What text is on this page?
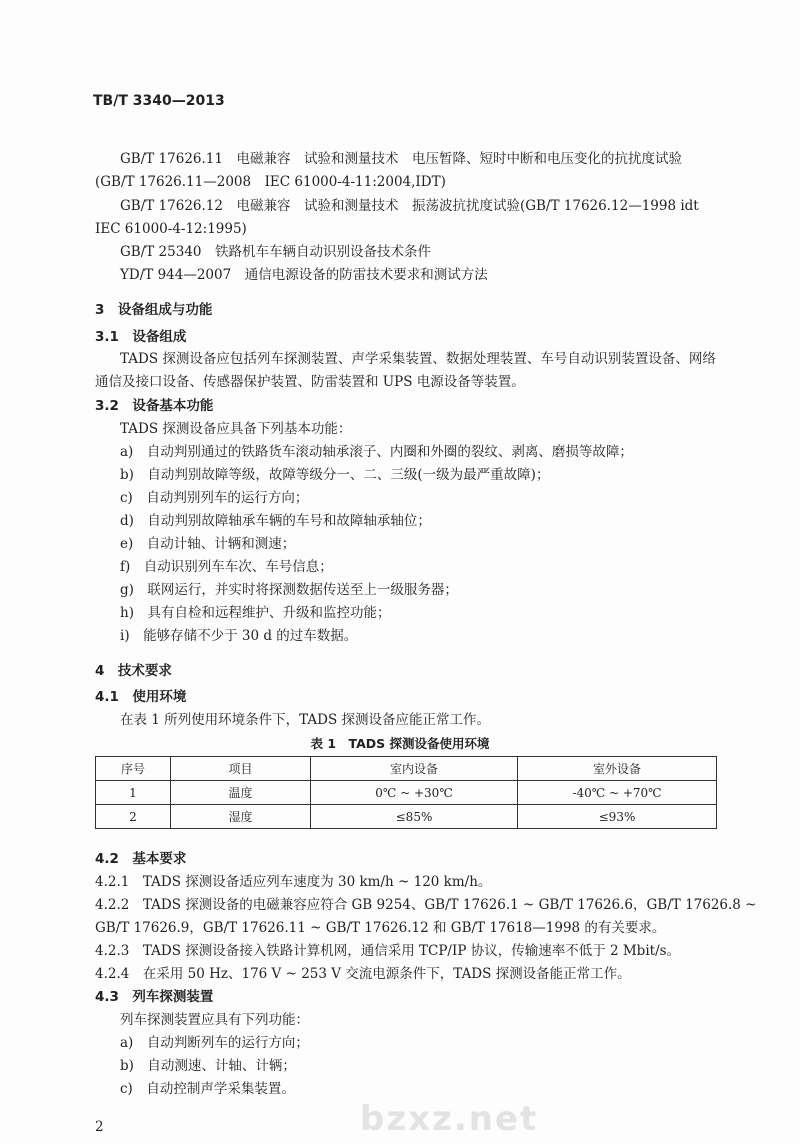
bzxz.net
TB/T 3340—2013
GB/T 17626.11　电磁兼容　试验和测量技术　电压暂降、短时中断和电压变化的抗扰度试验
(GB/T 17626.11—2008　IEC 61000-4-11:2004,IDT)
GB/T 17626.12　电磁兼容　试验和测量技术　振荡波抗扰度试验(GB/T 17626.12—1998 idt
IEC 61000-4-12:1995)
GB/T 25340　铁路机车车辆自动识别设备技术条件
YD/T 944—2007　通信电源设备的防雷技术要求和测试方法
3　设备组成与功能
3.1　设备组成
TADS 探测设备应包括列车探测装置、声学采集装置、数据处理装置、车号自动识别装置设备、网络
通信及接口设备、传感器保护装置、防雷装置和 UPS 电源设备等装置。
3.2　设备基本功能
TADS 探测设备应具备下列基本功能：
a)　自动判别通过的铁路货车滚动轴承滚子、内圈和外圈的裂纹、剥离、磨损等故障；
b)　自动判别故障等级，故障等级分一、二、三级(一级为最严重故障)；
c)　自动判别列车的运行方向；
d)　自动判别故障轴承车辆的车号和故障轴承轴位；
e)　自动计轴、计辆和测速；
f)　自动识别列车车次、车号信息；
g)　联网运行，并实时将探测数据传送至上一级服务器；
h)　具有自检和远程维护、升级和监控功能；
i)　能够存储不少于 30 d 的过车数据。
4　技术要求
4.1　使用环境
在表 1 所列使用环境条件下，TADS 探测设备应能正常工作。
表 1　TADS 探测设备使用环境
序号	项目	室内设备	室外设备
1	温度	0℃ ~ +30℃	-40℃ ~ +70℃
2	湿度	≤85%	≤93%
4.2　基本要求
4.2.1　TADS 探测设备适应列车速度为 30 km/h ~ 120 km/h。
4.2.2　TADS 探测设备的电磁兼容应符合 GB 9254、GB/T 17626.1 ~ GB/T 17626.6，GB/T 17626.8 ~
GB/T 17626.9，GB/T 17626.11 ~ GB/T 17626.12 和 GB/T 17618—1998 的有关要求。
4.2.3　TADS 探测设备接入铁路计算机网，通信采用 TCP/IP 协议，传输速率不低于 2 Mbit/s。
4.2.4　在采用 50 Hz、176 V ~ 253 V 交流电源条件下，TADS 探测设备能正常工作。
4.3　列车探测装置
列车探测装置应具有下列功能：
a)　自动判断列车的运行方向；
b)　自动测速、计轴、计辆；
c)　自动控制声学采集装置。
2
